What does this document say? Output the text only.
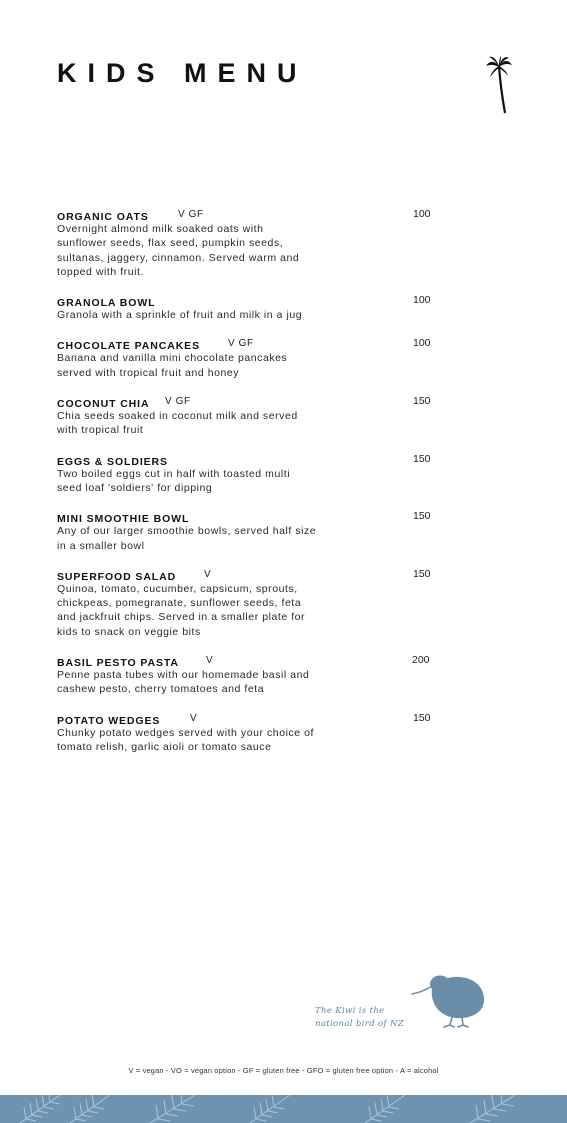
KIDS MENU
ORGANIC OATS	V GF	100
Overnight almond milk soaked oats with
sunflower seeds, flax seed, pumpkin seeds,
sultanas, jaggery, cinnamon. Served warm and
topped with fruit.
GRANOLA BOWL	100
Granola with a sprinkle of fruit and milk in a jug
CHOCOLATE PANCAKES	V GF	100
Banana and vanilla mini chocolate pancakes
served with tropical fruit and honey
COCONUT CHIA V GF	150
Chia seeds soaked in coconut milk and served
with tropical fruit
EGGS & SOLDIERS	150
Two boiled eggs cut in half with toasted multi
seed loaf 'soldiers' for dipping
MINI SMOOTHIE BOWL	150
Any of our larger smoothie bowls, served half size
in a smaller bowl
SUPERFOOD SALAD	V	150
Quinoa, tomato, cucumber, capsicum, sprouts,
chickpeas, pomegranate, sunflower seeds, feta
and jackfruit chips. Served in a smaller plate for
kids to snack on veggie bits
BASIL PESTO PASTA	V	200
Penne pasta tubes with our homemade basil and
cashew pesto, cherry tomatoes and feta
POTATO WEDGES	V	150
Chunky potato wedges served with your choice of
tomato relish, garlic aioli or tomato sauce
The Kiwi is the
national bird of NZ
V = vegan - VO = vegan option - GF = gluten free - GFO = gluten free option - A = alcohol
